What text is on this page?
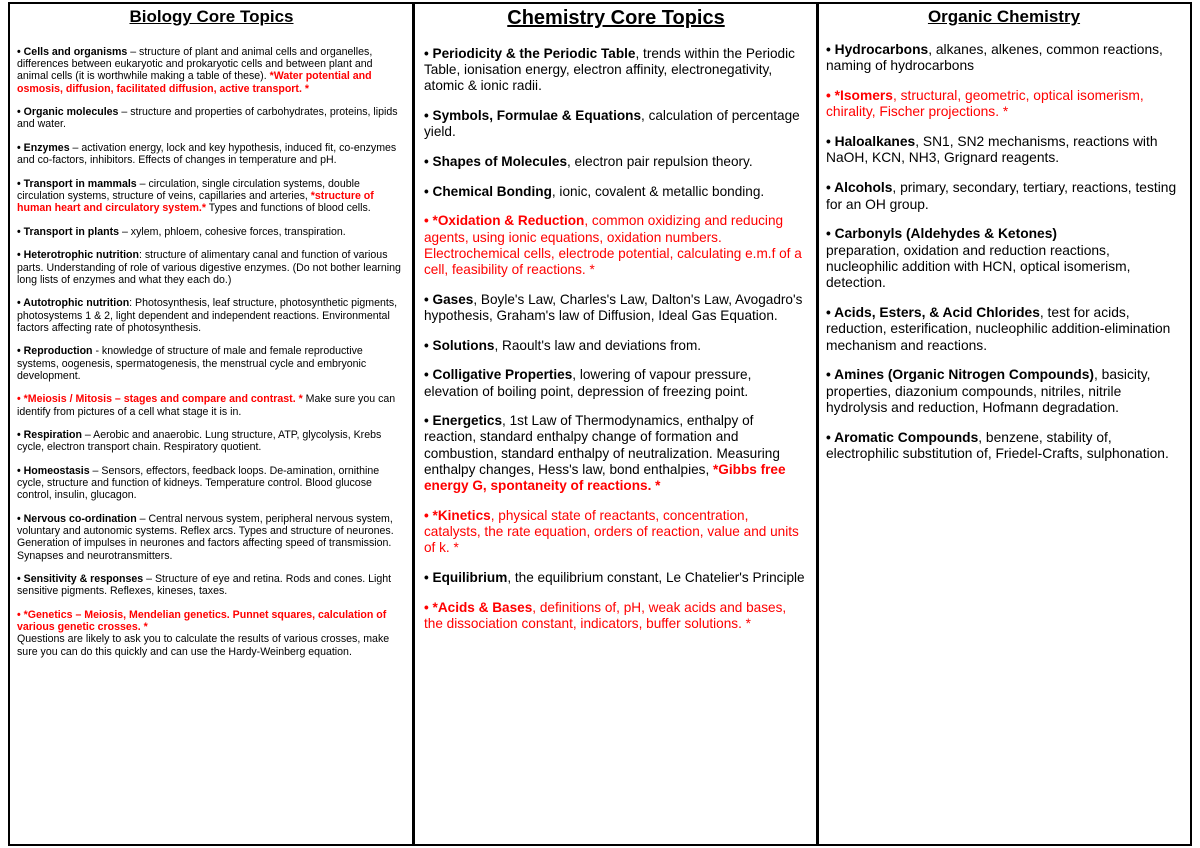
Biology Core Topics

• Cells and organisms – structure of plant and animal cells and organelles, differences between eukaryotic and prokaryotic cells and between plant and animal cells (it is worthwhile making a table of these). *Water potential and osmosis, diffusion, facilitated diffusion, active transport. *

• Organic molecules – structure and properties of carbohydrates, proteins, lipids and water.

• Enzymes – activation energy, lock and key hypothesis, induced fit, co-enzymes and co-factors, inhibitors. Effects of changes in temperature and pH.

• Transport in mammals – circulation, single circulation systems, double circulation systems, structure of veins, capillaries and arteries, *structure of human heart and circulatory system.* Types and functions of blood cells.

• Transport in plants – xylem, phloem, cohesive forces, transpiration.

• Heterotrophic nutrition: structure of alimentary canal and function of various parts. Understanding of role of various digestive enzymes. (Do not bother learning long lists of enzymes and what they each do.)

• Autotrophic nutrition: Photosynthesis, leaf structure, photosynthetic pigments, photosystems 1 & 2, light dependent and independent reactions. Environmental factors affecting rate of photosynthesis.

• Reproduction - knowledge of structure of male and female reproductive systems, oogenesis, spermatogenesis, the menstrual cycle and embryonic development.

• *Meiosis / Mitosis – stages and compare and contrast. * Make sure you can identify from pictures of a cell what stage it is in.

• Respiration – Aerobic and anaerobic. Lung structure, ATP, glycolysis, Krebs cycle, electron transport chain. Respiratory quotient.

• Homeostasis – Sensors, effectors, feedback loops. De-amination, ornithine cycle, structure and function of kidneys. Temperature control. Blood glucose control, insulin, glucagon.

• Nervous co-ordination – Central nervous system, peripheral nervous system, voluntary and autonomic systems. Reflex arcs. Types and structure of neurones. Generation of impulses in neurones and factors affecting speed of transmission. Synapses and neurotransmitters.

• Sensitivity & responses – Structure of eye and retina. Rods and cones. Light sensitive pigments. Reflexes, kineses, taxes.

• *Genetics – Meiosis, Mendelian genetics. Punnet squares, calculation of various genetic crosses. *
Questions are likely to ask you to calculate the results of various crosses, make sure you can do this quickly and can use the Hardy-Weinberg equation.

Chemistry Core Topics

• Periodicity & the Periodic Table, trends within the Periodic Table, ionisation energy, electron affinity, electronegativity, atomic & ionic radii.

• Symbols, Formulae & Equations, calculation of percentage yield.

• Shapes of Molecules, electron pair repulsion theory.

• Chemical Bonding, ionic, covalent & metallic bonding.

• *Oxidation & Reduction, common oxidizing and reducing agents, using ionic equations, oxidation numbers. Electrochemical cells, electrode potential, calculating e.m.f of a cell, feasibility of reactions. *

• Gases, Boyle's Law, Charles's Law, Dalton's Law, Avogadro's hypothesis, Graham's law of Diffusion, Ideal Gas Equation.

• Solutions, Raoult's law and deviations from.

• Colligative Properties, lowering of vapour pressure, elevation of boiling point, depression of freezing point.

• Energetics, 1st Law of Thermodynamics, enthalpy of reaction, standard enthalpy change of formation and combustion, standard enthalpy of neutralization. Measuring enthalpy changes, Hess's law, bond enthalpies, *Gibbs free energy G, spontaneity of reactions. *

• *Kinetics, physical state of reactants, concentration, catalysts, the rate equation, orders of reaction, value and units of k. *

• Equilibrium, the equilibrium constant, Le Chatelier's Principle

• *Acids & Bases, definitions of, pH, weak acids and bases, the dissociation constant, indicators, buffer solutions. *

Organic Chemistry

• Hydrocarbons, alkanes, alkenes, common reactions, naming of hydrocarbons

• *Isomers, structural, geometric, optical isomerism, chirality, Fischer projections. *

• Haloalkanes, SN1, SN2 mechanisms, reactions with NaOH, KCN, NH3, Grignard reagents.

• Alcohols, primary, secondary, tertiary, reactions, testing for an OH group.

• Carbonyls (Aldehydes & Ketones)
preparation, oxidation and reduction reactions, nucleophilic addition with HCN, optical isomerism, detection.

• Acids, Esters, & Acid Chlorides, test for acids, reduction, esterification, nucleophilic addition-elimination mechanism and reactions.

• Amines (Organic Nitrogen Compounds), basicity, properties, diazonium compounds, nitriles, nitrile hydrolysis and reduction, Hofmann degradation.

• Aromatic Compounds, benzene, stability of, electrophilic substitution of, Friedel-Crafts, sulphonation.
